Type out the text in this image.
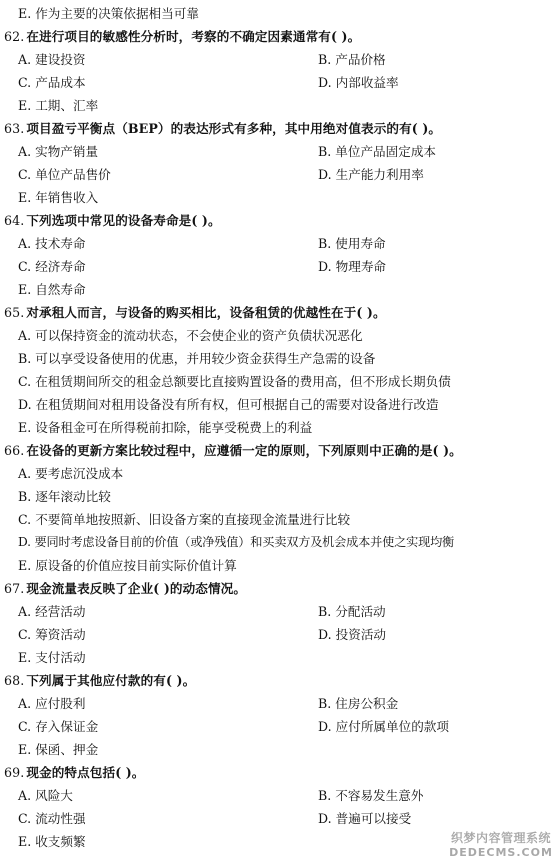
E. 作为主要的决策依据相当可靠
62. 在进行项目的敏感性分析时，考察的不确定因素通常有( )。
A. 建设投资	B. 产品价格
C. 产品成本	D. 内部收益率
E. 工期、汇率
63. 项目盈亏平衡点（BEP）的表达形式有多种，其中用绝对值表示的有( )。
A. 实物产销量	B. 单位产品固定成本
C. 单位产品售价	D. 生产能力利用率
E. 年销售收入
64. 下列选项中常见的设备寿命是( )。
A. 技术寿命	B. 使用寿命
C. 经济寿命	D. 物理寿命
E. 自然寿命
65. 对承租人而言，与设备的购买相比，设备租赁的优越性在于( )。
A. 可以保持资金的流动状态，不会使企业的资产负债状况恶化
B. 可以享受设备使用的优惠，并用较少资金获得生产急需的设备
C. 在租赁期间所交的租金总额要比直接购置设备的费用高，但不形成长期负债
D. 在租赁期间对租用设备没有所有权，但可根据自己的需要对设备进行改造
E. 设备租金可在所得税前扣除，能享受税费上的利益
66. 在设备的更新方案比较过程中，应遵循一定的原则，下列原则中正确的是( )。
A. 要考虑沉没成本
B. 逐年滚动比较
C. 不要简单地按照新、旧设备方案的直接现金流量进行比较
D. 要同时考虑设备目前的价值（或净残值）和买卖双方及机会成本并使之实现均衡
E. 原设备的价值应按目前实际价值计算
67. 现金流量表反映了企业( )的动态情况。
A. 经营活动	B. 分配活动
C. 筹资活动	D. 投资活动
E. 支付活动
68. 下列属于其他应付款的有( )。
A. 应付股利	B. 住房公积金
C. 存入保证金	D. 应付所属单位的款项
E. 保函、押金
69. 现金的特点包括( )。
A. 风险大	B. 不容易发生意外
C. 流动性强	D. 普遍可以接受
E. 收支频繁	织梦内容管理系统
DEDECMS.COM
